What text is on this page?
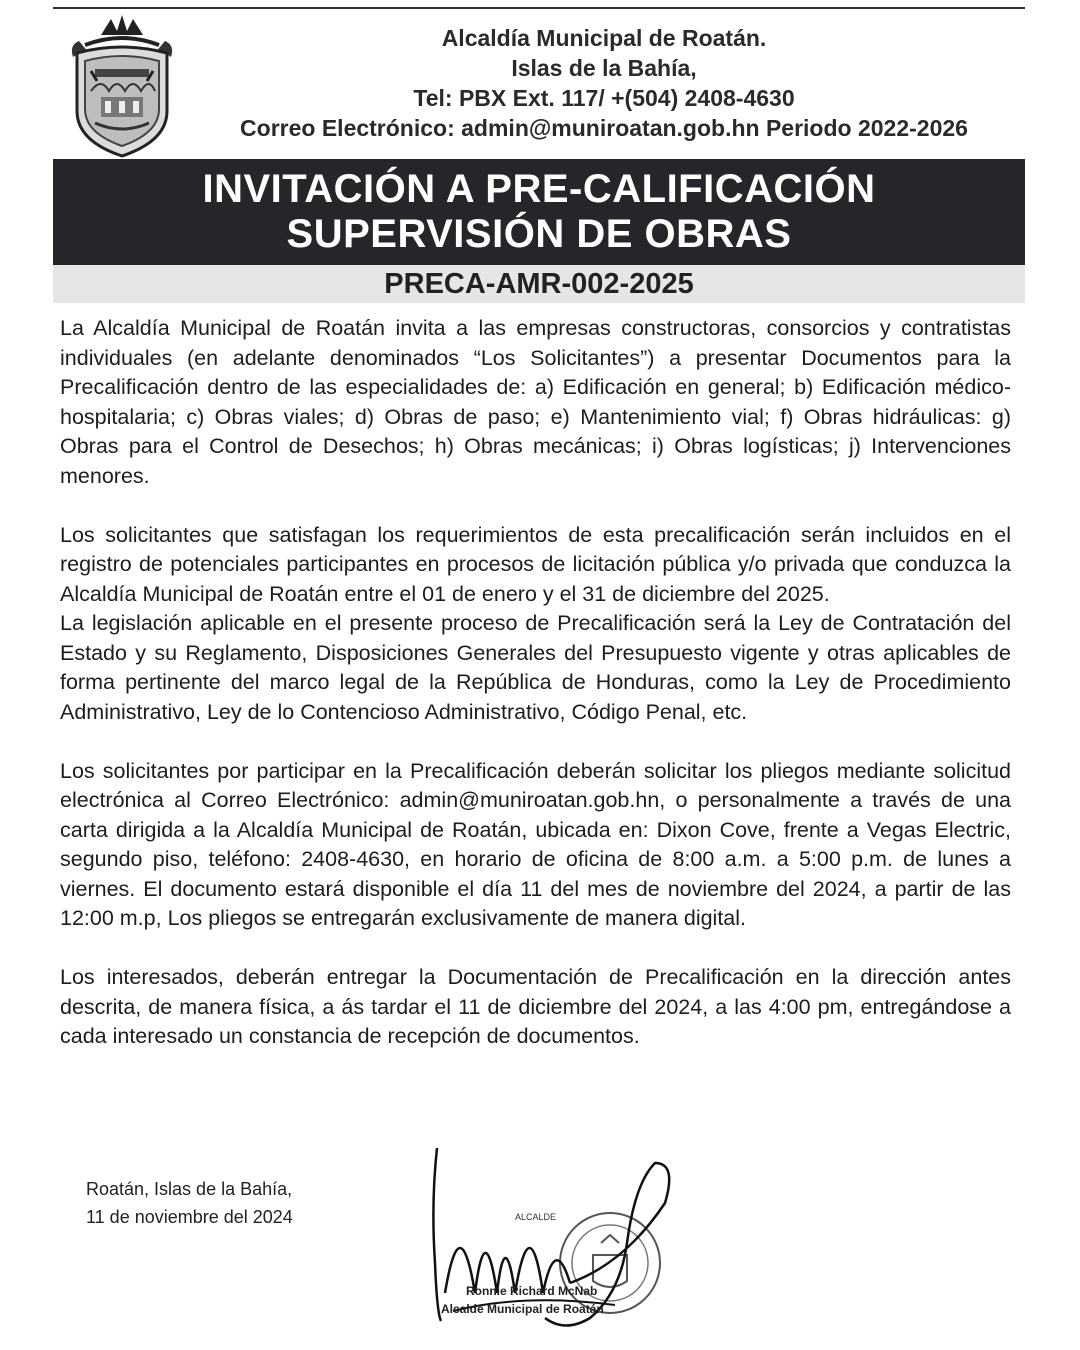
Alcaldía Municipal de Roatán.
Islas de la Bahía,
Tel: PBX Ext. 117/ +(504) 2408-4630
Correo Electrónico: admin@muniroatan.gob.hn Periodo 2022-2026
INVITACIÓN A PRE-CALIFICACIÓN
SUPERVISIÓN DE OBRAS
PRECA-AMR-002-2025

La Alcaldía Municipal de Roatán invita a las empresas constructoras, consorcios y contratistas individuales (en adelante denominados “Los Solicitantes”) a presentar Documentos para la Precalificación dentro de las especialidades de: a) Edificación en general; b) Edificación médico-hospitalaria; c) Obras viales; d) Obras de paso; e) Mantenimiento vial; f) Obras hidráulicas: g) Obras para el Control de Desechos; h) Obras mecánicas; i) Obras logísticas; j) Intervenciones menores.

Los solicitantes que satisfagan los requerimientos de esta precalificación serán incluidos en el registro de potenciales participantes en procesos de licitación pública y/o privada que conduzca la Alcaldía Municipal de Roatán entre el 01 de enero y el 31 de diciembre del 2025.

La legislación aplicable en el presente proceso de Precalificación será la Ley de Contratación del Estado y su Reglamento, Disposiciones Generales del Presupuesto vigente y otras aplicables de forma pertinente del marco legal de la República de Honduras, como la Ley de Procedimiento Administrativo, Ley de lo Contencioso Administrativo, Código Penal, etc.

Los solicitantes por participar en la Precalificación deberán solicitar los pliegos mediante solicitud electrónica al Correo Electrónico: admin@muniroatan.gob.hn, o personalmente a través de una carta dirigida a la Alcaldía Municipal de Roatán, ubicada en: Dixon Cove, frente a Vegas Electric, segundo piso, teléfono: 2408-4630, en horario de oficina de 8:00 a.m. a 5:00 p.m. de lunes a viernes. El documento estará disponible el día 11 del mes de noviembre del 2024, a partir de las 12:00 m.p, Los pliegos se entregarán exclusivamente de manera digital.

Los interesados, deberán entregar la Documentación de Precalificación en la dirección antes descrita, de manera física, a ás tardar el 11 de diciembre del 2024, a las 4:00 pm, entregándose a cada interesado un constancia de recepción de documentos.

Roatán, Islas de la Bahía,
11 de noviembre del 2024	ALCALDE
Ronnie Richard McNab
Alcalde Municipal de Roatán
